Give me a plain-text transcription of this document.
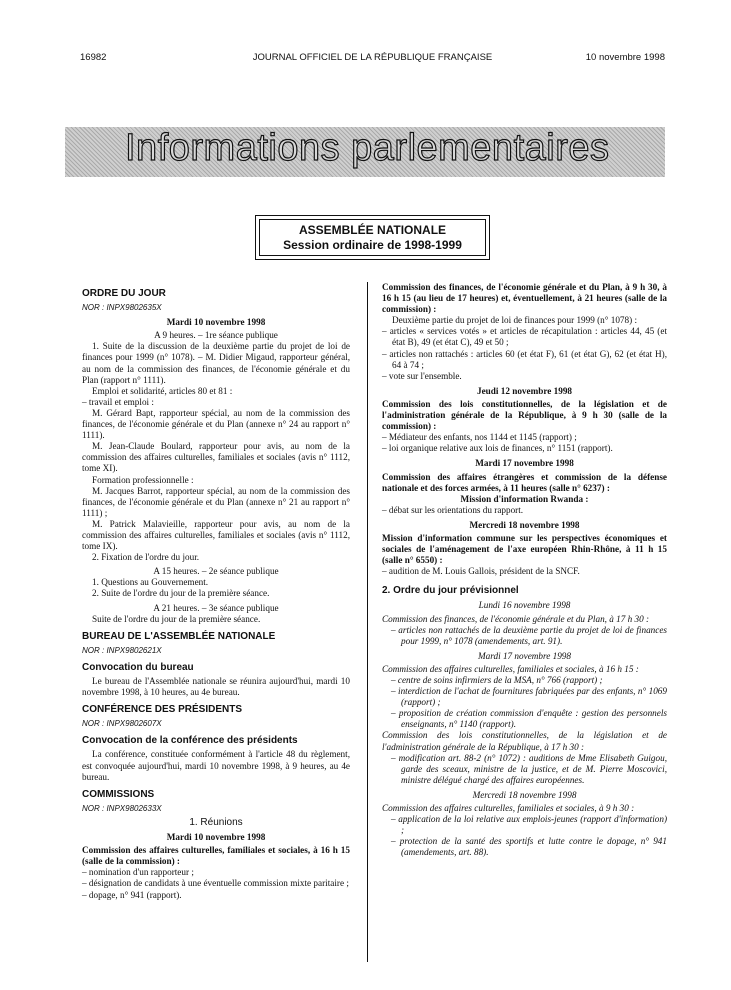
16982	JOURNAL OFFICIEL DE LA RÉPUBLIQUE FRANÇAISE	10 novembre 1998
Informations parlementaires
ASSEMBLÉE NATIONALE
Session ordinaire de 1998-1999

ORDRE DU JOUR

NOR : INPX9802635X

Mardi 10 novembre 1998

A 9 heures. – 1re séance publique

1. Suite de la discussion de la deuxième partie du projet de loi de finances pour 1999 (n° 1078). – M. Didier Migaud, rapporteur général, au nom de la commission des finances, de l'économie générale et du Plan (rapport n° 1111).

Emploi et solidarité, articles 80 et 81 :

– travail et emploi :

M. Gérard Bapt, rapporteur spécial, au nom de la commission des finances, de l'économie générale et du Plan (annexe n° 24 au rapport n° 1111).

M. Jean-Claude Boulard, rapporteur pour avis, au nom de la commission des affaires culturelles, familiales et sociales (avis n° 1112, tome XI).

Formation professionnelle :

M. Jacques Barrot, rapporteur spécial, au nom de la commission des finances, de l'économie générale et du Plan (annexe n° 21 au rapport n° 1111) ;

M. Patrick Malavieille, rapporteur pour avis, au nom de la commission des affaires culturelles, familiales et sociales (avis n° 1112, tome IX).

2. Fixation de l'ordre du jour.

A 15 heures. – 2e séance publique

1. Questions au Gouvernement.

2. Suite de l'ordre du jour de la première séance.

A 21 heures. – 3e séance publique

Suite de l'ordre du jour de la première séance.

BUREAU DE L'ASSEMBLÉE NATIONALE

NOR : INPX9802621X

Convocation du bureau

Le bureau de l'Assemblée nationale se réunira aujourd'hui, mardi 10 novembre 1998, à 10 heures, au 4e bureau.

CONFÉRENCE DES PRÉSIDENTS

NOR : INPX9802607X

Convocation de la conférence des présidents

La conférence, constituée conformément à l'article 48 du règlement, est convoquée aujourd'hui, mardi 10 novembre 1998, à 9 heures, au 4e bureau.

COMMISSIONS

NOR : INPX9802633X

1. Réunions

Mardi 10 novembre 1998

Commission des affaires culturelles, familiales et sociales, à 16 h 15 (salle de la commission) :

– nomination d'un rapporteur ;

– désignation de candidats à une éventuelle commission mixte paritaire ;

– dopage, n° 941 (rapport).

Commission des finances, de l'économie générale et du Plan, à 9 h 30, à 16 h 15 (au lieu de 17 heures) et, éventuellement, à 21 heures (salle de la commission) :

Deuxième partie du projet de loi de finances pour 1999 (n° 1078) :

– articles « services votés » et articles de récapitulation : articles 44, 45 (et état B), 49 (et état C), 49 et 50 ;

– articles non rattachés : articles 60 (et état F), 61 (et état G), 62 (et état H), 64 à 74 ;

– vote sur l'ensemble.

Jeudi 12 novembre 1998

Commission des lois constitutionnelles, de la législation et de l'administration générale de la République, à 9 h 30 (salle de la commission) :

– Médiateur des enfants, nos 1144 et 1145 (rapport) ;

– loi organique relative aux lois de finances, n° 1151 (rapport).

Mardi 17 novembre 1998

Commission des affaires étrangères et commission de la défense nationale et des forces armées, à 11 heures (salle n° 6237) :

Mission d'information Rwanda :

– débat sur les orientations du rapport.

Mercredi 18 novembre 1998

Mission d'information commune sur les perspectives économiques et sociales de l'aménagement de l'axe européen Rhin-Rhône, à 11 h 15 (salle n° 6550) :

– audition de M. Louis Gallois, président de la SNCF.

2. Ordre du jour prévisionnel

Lundi 16 novembre 1998

Commission des finances, de l'économie générale et du Plan, à 17 h 30 :

– articles non rattachés de la deuxième partie du projet de loi de finances pour 1999, n° 1078 (amendements, art. 91).

Mardi 17 novembre 1998

Commission des affaires culturelles, familiales et sociales, à 16 h 15 :

– centre de soins infirmiers de la MSA, n° 766 (rapport) ;

– interdiction de l'achat de fournitures fabriquées par des enfants, n° 1069 (rapport) ;

– proposition de création commission d'enquête : gestion des personnels enseignants, n° 1140 (rapport).

Commission des lois constitutionnelles, de la législation et de l'administration générale de la République, à 17 h 30 :

– modification art. 88-2 (n° 1072) : auditions de Mme Elisabeth Guigou, garde des sceaux, ministre de la justice, et de M. Pierre Moscovici, ministre délégué chargé des affaires européennes.

Mercredi 18 novembre 1998

Commission des affaires culturelles, familiales et sociales, à 9 h 30 :

– application de la loi relative aux emplois-jeunes (rapport d'information) ;

– protection de la santé des sportifs et lutte contre le dopage, n° 941 (amendements, art. 88).
